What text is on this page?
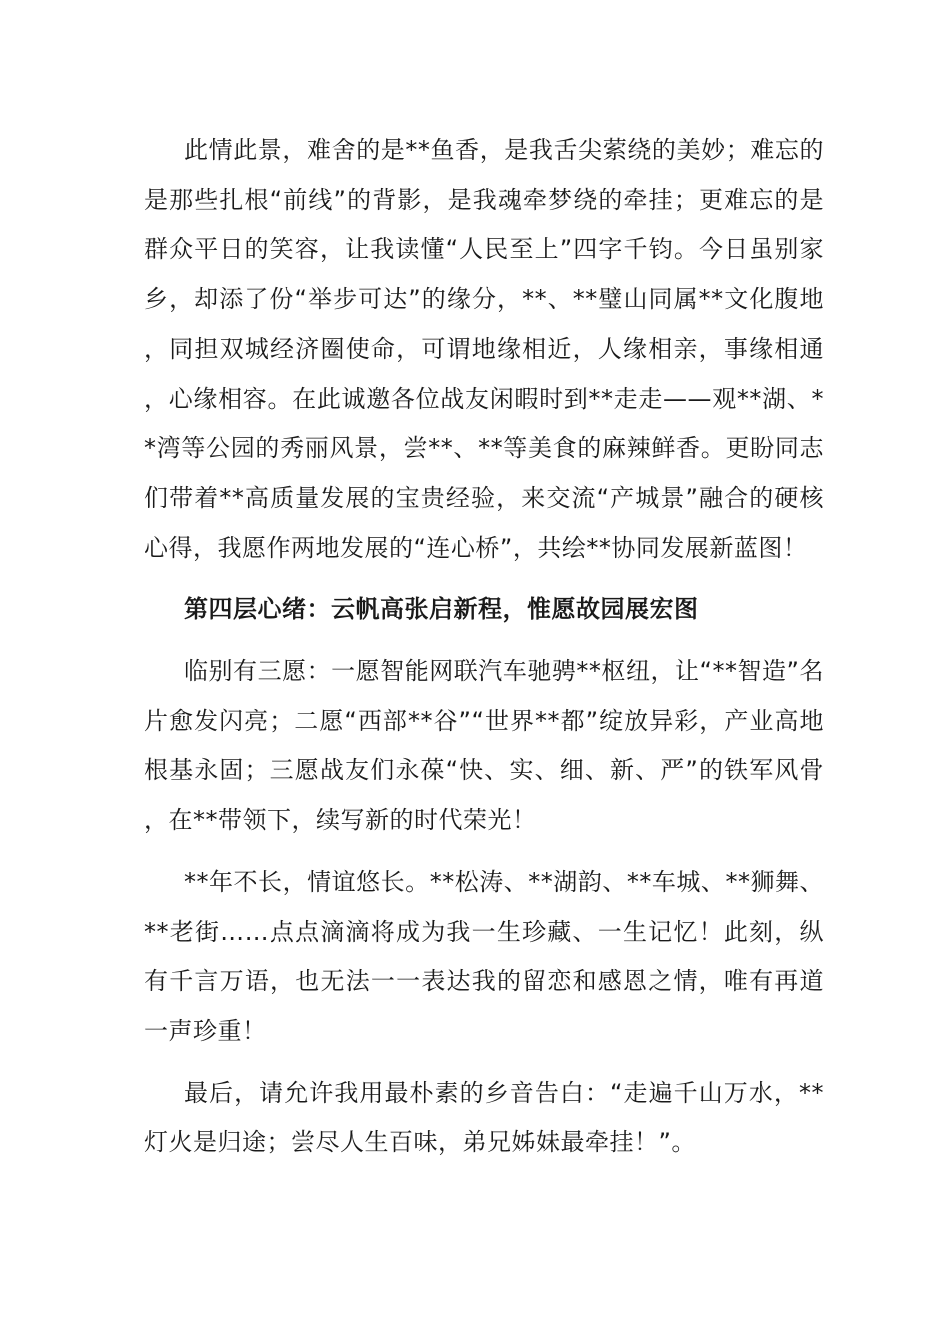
此情此景，难舍的是**鱼香，是我舌尖萦绕的美妙；难忘的是那些扎根“前线”的背影，是我魂牵梦绕的牵挂；更难忘的是群众平日的笑容，让我读懂“人民至上”四字千钧。今日虽别家乡，却添了份“举步可达”的缘分，**、**璧山同属**文化腹地，同担双城经济圈使命，可谓地缘相近，人缘相亲，事缘相通，心缘相容。在此诚邀各位战友闲暇时到**走走——观**湖、**湾等公园的秀丽风景，尝**、**等美食的麻辣鲜香。更盼同志们带着**高质量发展的宝贵经验，来交流“产城景”融合的硬核心得，我愿作两地发展的“连心桥”，共绘**协同发展新蓝图！

第四层心绪：云帆高张启新程，惟愿故园展宏图

临别有三愿：一愿智能网联汽车驰骋**枢纽，让“**智造”名片愈发闪亮；二愿“西部**谷”“世界**都”绽放异彩，产业高地根基永固；三愿战友们永葆“快、实、细、新、严”的铁军风骨，在**带领下，续写新的时代荣光！

**年不长，情谊悠长。**松涛、**湖韵、**车城、**狮舞、**老街……点点滴滴将成为我一生珍藏、一生记忆！此刻，纵有千言万语，也无法一一表达我的留恋和感恩之情，唯有再道一声珍重！

最后，请允许我用最朴素的乡音告白：“走遍千山万水，**灯火是归途；尝尽人生百味，弟兄姊妹最牵挂！”。
